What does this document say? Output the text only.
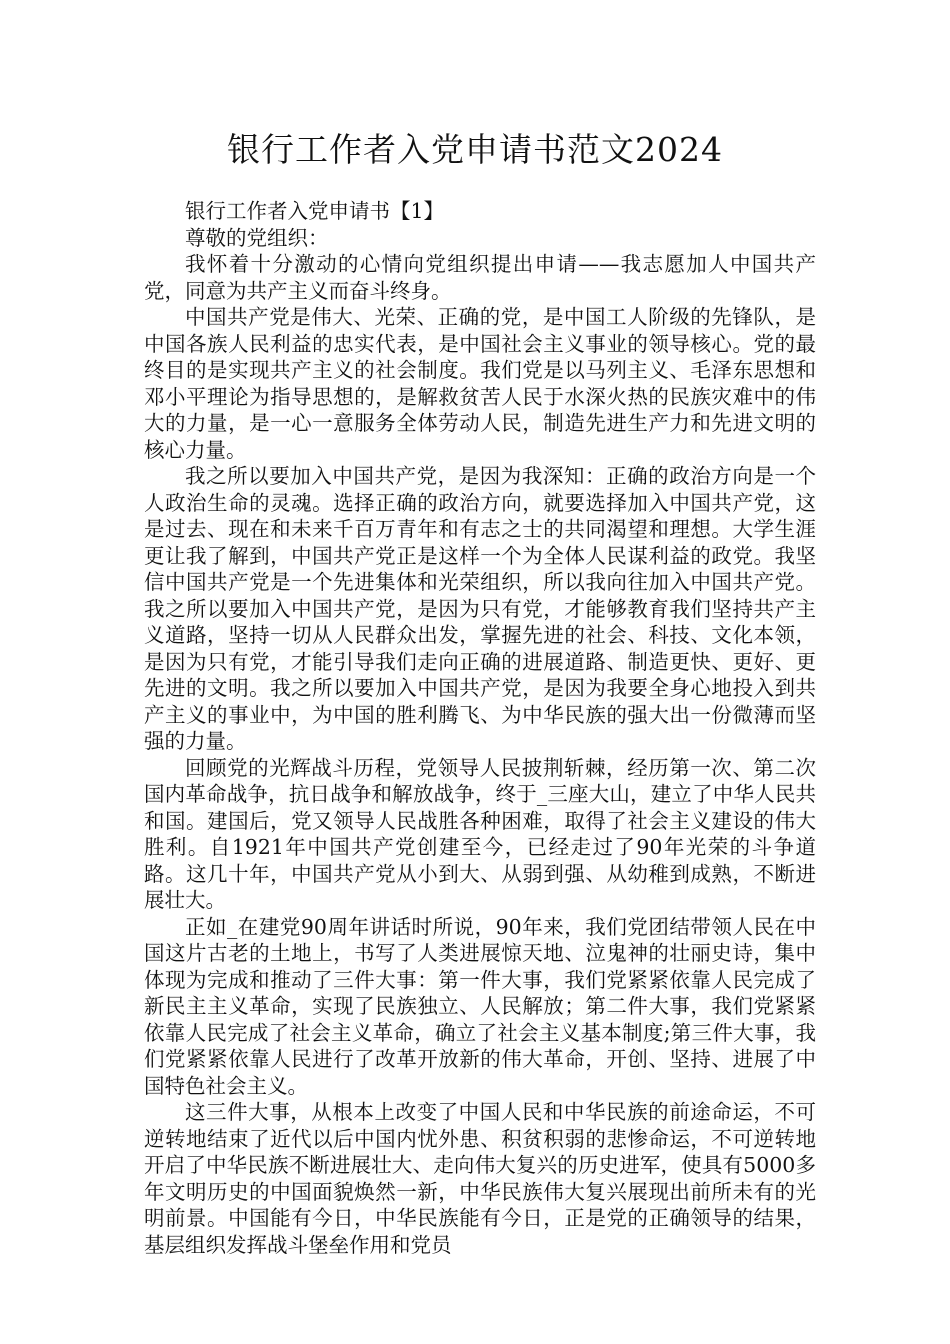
银行工作者入党申请书范文2024

银行工作者入党申请书【1】

尊敬的党组织：

我怀着十分激动的心情向党组织提出申请——我志愿加人中国共产党，同意为共产主义而奋斗终身。

中国共产党是伟大、光荣、正确的党，是中国工人阶级的先锋队，是中国各族人民利益的忠实代表，是中国社会主义事业的领导核心。党的最终目的是实现共产主义的社会制度。我们党是以马列主义、毛泽东思想和邓小平理论为指导思想的，是解救贫苦人民于水深火热的民族灾难中的伟大的力量，是一心一意服务全体劳动人民，制造先进生产力和先进文明的核心力量。

我之所以要加入中国共产党，是因为我深知：正确的政治方向是一个人政治生命的灵魂。选择正确的政治方向，就要选择加入中国共产党，这是过去、现在和未来千百万青年和有志之士的共同渴望和理想。大学生涯更让我了解到，中国共产党正是这样一个为全体人民谋利益的政党。我坚信中国共产党是一个先进集体和光荣组织，所以我向往加入中国共产党。我之所以要加入中国共产党，是因为只有党，才能够教育我们坚持共产主义道路，坚持一切从人民群众出发，掌握先进的社会、科技、文化本领，是因为只有党，才能引导我们走向正确的进展道路、制造更快、更好、更先进的文明。我之所以要加入中国共产党，是因为我要全身心地投入到共产主义的事业中，为中国的胜利腾飞、为中华民族的强大出一份微薄而坚强的力量。

回顾党的光辉战斗历程，党领导人民披荆斩棘，经历第一次、第二次国内革命战争，抗日战争和解放战争，终于_三座大山，建立了中华人民共和国。建国后，党又领导人民战胜各种困难，取得了社会主义建设的伟大胜利。自1921年中国共产党创建至今，已经走过了90年光荣的斗争道路。这几十年，中国共产党从小到大、从弱到强、从幼稚到成熟，不断进展壮大。

正如_在建党90周年讲话时所说，90年来，我们党团结带领人民在中国这片古老的土地上，书写了人类进展惊天地、泣鬼神的壮丽史诗，集中体现为完成和推动了三件大事：第一件大事，我们党紧紧依靠人民完成了新民主主义革命，实现了民族独立、人民解放；第二件大事，我们党紧紧依靠人民完成了社会主义革命，确立了社会主义基本制度;第三件大事，我们党紧紧依靠人民进行了改革开放新的伟大革命，开创、坚持、进展了中国特色社会主义。

这三件大事，从根本上改变了中国人民和中华民族的前途命运，不可逆转地结束了近代以后中国内忧外患、积贫积弱的悲惨命运，不可逆转地开启了中华民族不断进展壮大、走向伟大复兴的历史进军，使具有5000多年文明历史的中国面貌焕然一新，中华民族伟大复兴展现出前所未有的光明前景。中国能有今日，中华民族能有今日，正是党的正确领导的结果，基层组织发挥战斗堡垒作用和党员
